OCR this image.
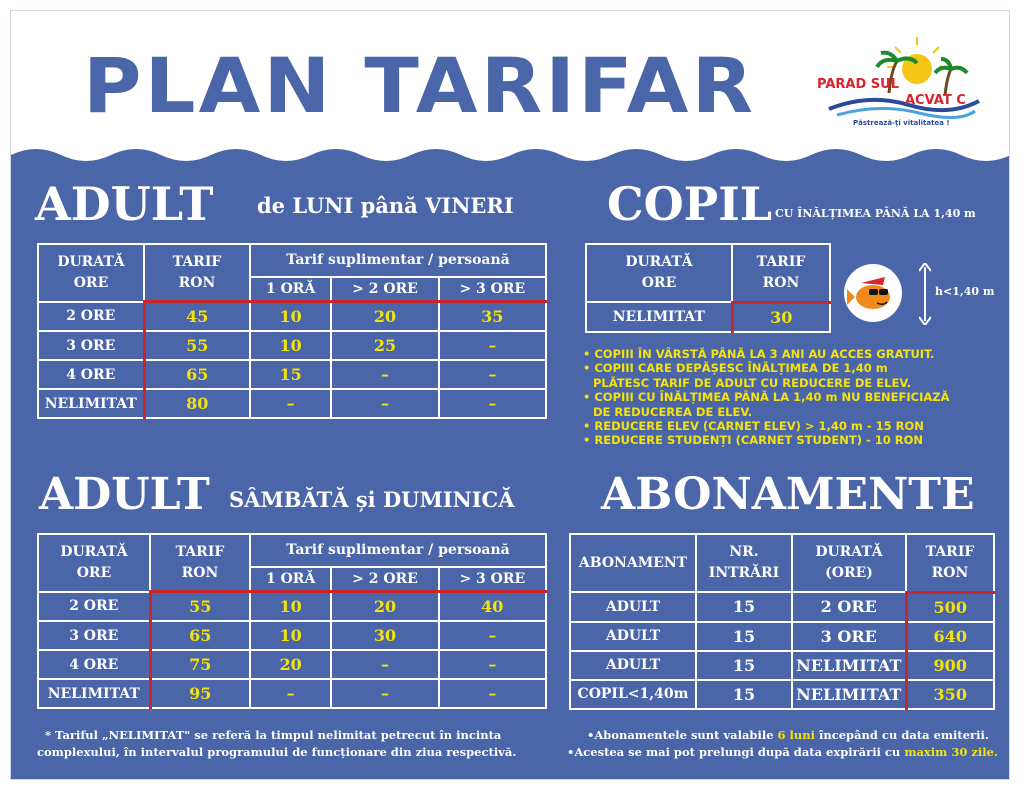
PLAN TARIFAR	PARAD SUL
ACVAT C
Păstrează-ți vitalitatea !
ADULT de LUNI până VINERI
DURATĂ
ORE	TARIF
RON	Tarif suplimentar / persoană		
		1 ORĂ	> 2 ORE	> 3 ORE
2 ORE	45	10	20	35
3 ORE	55	10	25	–
4 ORE	65	15	–	–
NELIMITAT	80	–	–	–
COPIL CU ÎNĂLȚIMEA PÂNĂ LA 1,40 m
DURATĂ
ORE	TARIF
RON
NELIMITAT	30
h<1,40 m
• COPIII ÎN VÂRSTĂ PÂNĂ LA 3 ANI AU ACCES GRATUIT.
• COPIII CARE DEPĂȘESC ÎNĂLȚIMEA DE 1,40 m
PLĂTESC TARIF DE ADULT CU REDUCERE DE ELEV.
• COPIII CU ÎNĂLȚIMEA PÂNĂ LA 1,40 m NU BENEFICIAZĂ
DE REDUCEREA DE ELEV.
• REDUCERE ELEV (CARNET ELEV) > 1,40 m - 15 RON
• REDUCERE STUDENȚI (CARNET STUDENT) - 10 RON
ADULT SÂMBĂTĂ și DUMINICĂ
DURATĂ
ORE	TARIF
RON	Tarif suplimentar / persoană		
		1 ORĂ	> 2 ORE	> 3 ORE
2 ORE	55	10	20	40
3 ORE	65	10	30	–
4 ORE	75	20	–	–
NELIMITAT	95	–	–	–
ABONAMENTE
ABONAMENT	NR.
INTRĂRI	DURATĂ
(ORE)	TARIF
RON
ADULT	15	2 ORE	500
ADULT	15	3 ORE	640
ADULT	15	NELIMITAT	900
COPIL<1,40m	15	NELIMITAT	350
* Tariful „NELIMITAT" se referă la timpul nelimitat petrecut în incinta
complexului, în intervalul programului de funcționare din ziua respectivă.
•Abonamentele sunt valabile 6 luni începând cu data emiterii.
•Acestea se mai pot prelungi după data expirării cu maxim 30 zile.
